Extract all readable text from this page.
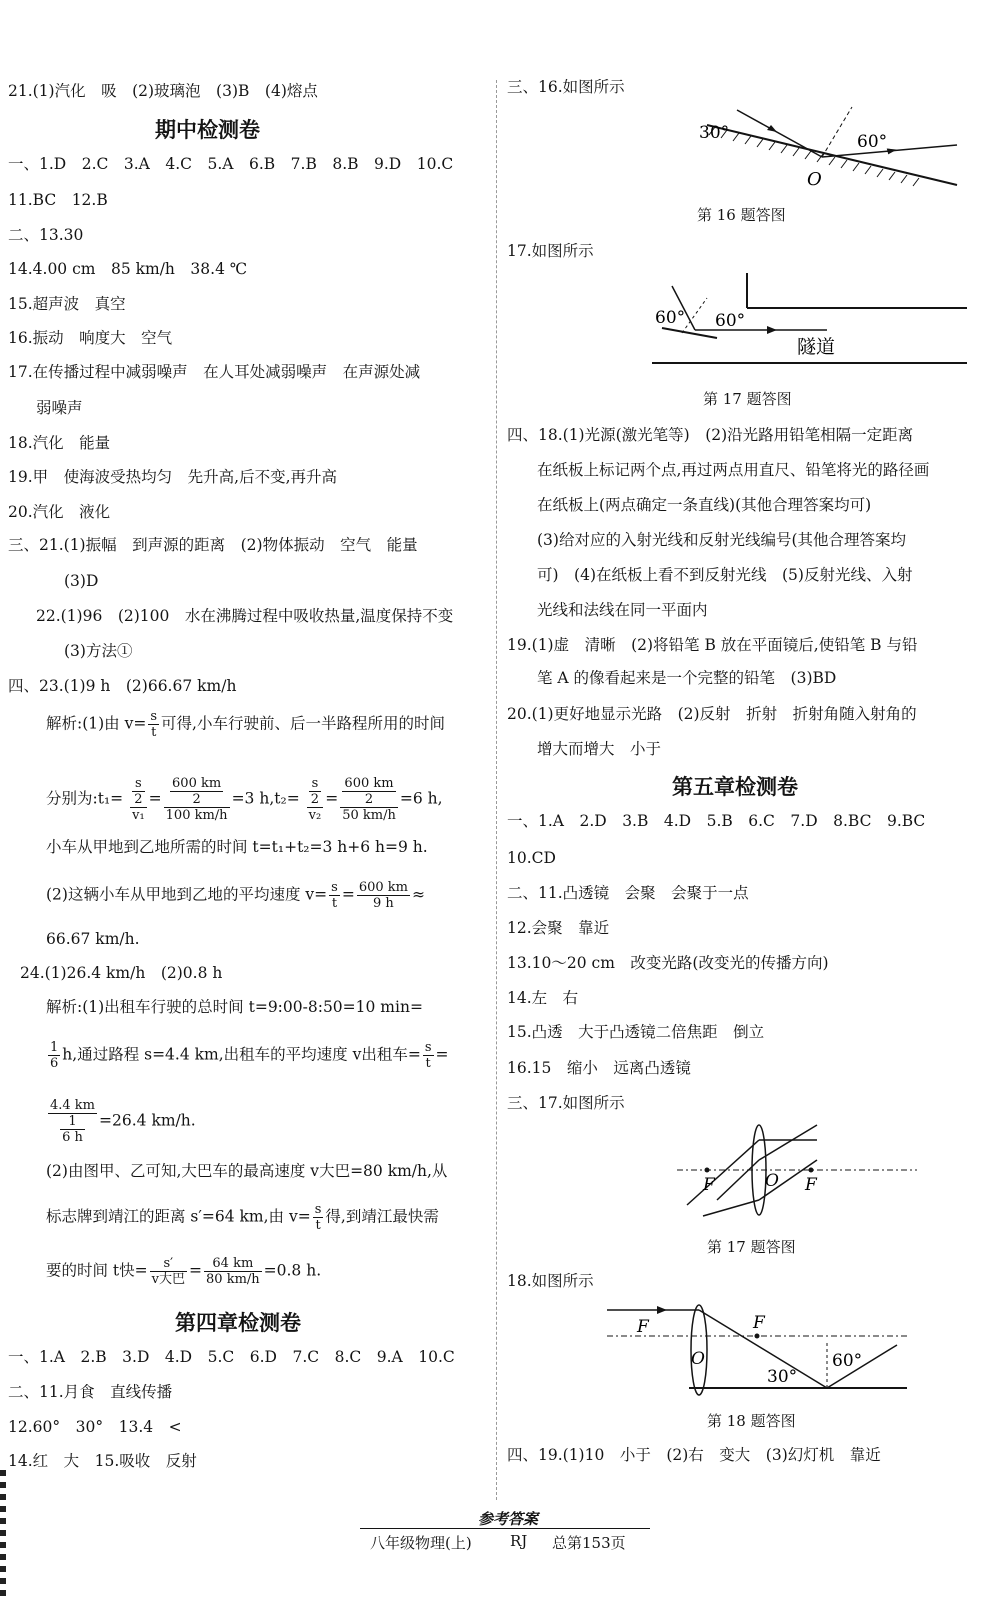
21.(1)汽化　吸　(2)玻璃泡　(3)B　(4)熔点
期中检测卷
一、1.D　2.C　3.A　4.C　5.A　6.B　7.B　8.B　9.D　10.C
11.BC　12.B
二、13.30
14.4.00 cm　85 km/h　38.4 ℃
15.超声波　真空
16.振动　响度大　空气
17.在传播过程中减弱噪声　在人耳处减弱噪声　在声源处减
弱噪声
18.汽化　能量
19.甲　使海波受热均匀　先升高,后不变,再升高
20.汽化　液化
三、21.(1)振幅　到声源的距离　(2)物体振动　空气　能量
(3)D
22.(1)96　(2)100　水在沸腾过程中吸收热量,温度保持不变
(3)方法①
四、23.(1)9 h　(2)66.67 km/h
解析:(1)由 $v= \frac{s}{t}$ 可得,小车行驶前、后一半路程所用的时间
分别为:t₁= $\frac{\frac{s}{2}}{\text{v₁}} = \frac{\frac{600 km}{2}}{100 km/h} =3$ $h,t_2= \frac{\frac{s}{2}}{\text{v₂}} = \frac{\frac{600 km}{2}}{50 km/h} =6$ h,
小车从甲地到乙地所需的时间 t=t₁+t₂=3 h+6 h=9 h.
(2)这辆小车从甲地到乙地的平均速度 $v= \frac{s}{t} = \frac{600 km}{9 h}$ ≈
66.67 km/h.
24.(1)26.4 km/h　(2)0.8 h
解析:(1)出租车行驶的总时间 t=9:00-8:50=10 min=
$\frac{1}{6} h$,通过路程 s=4.4 km,出租车的平均速度 v出租车= $\frac{s}{t}$ =
$\frac{4.4 km}{\frac{1}{6 h}} =26.4$ km/h.
(2)由图甲、乙可知,大巴车的最高速度 v大巴=80 km/h,从
标志牌到靖江的距离 s′=64 km,由 $v= \frac{s}{t}$ 得,到靖江最快需
要的时间 t快= $\frac{s'}{\text{v大巴}} = \frac{64 km}{80 km/h} =0.8$ h.
第四章检测卷
一、1.A　2.B　3.D　4.D　5.C　6.D　7.C　8.C　9.A　10.C
二、11.月食　直线传播
12.60°　30°　13.4　<
14.红　大　15.吸收　反射
三、16.如图所示
30°	60°
O
第 16 题答图
17.如图所示
60° 60°
隧道
第 17 题答图
四、18.(1)光源(激光笔等)　(2)沿光路用铅笔相隔一定距离
在纸板上标记两个点,再过两点用直尺、铅笔将光的路径画
在纸板上(两点确定一条直线)(其他合理答案均可)
(3)给对应的入射光线和反射光线编号(其他合理答案均
可)　(4)在纸板上看不到反射光线　(5)反射光线、入射
光线和法线在同一平面内
19.(1)虚　清晰　(2)将铅笔 B 放在平面镜后,使铅笔 B 与铅
笔 A 的像看起来是一个完整的铅笔　(3)BD
20.(1)更好地显示光路　(2)反射　折射　折射角随入射角的
增大而增大　小于
第五章检测卷
一、1.A　2.D　3.B　4.D　5.B　6.C　7.D　8.BC　9.BC
10.CD
二、11.凸透镜　会聚　会聚于一点
12.会聚　靠近
13.10～20 cm　改变光路(改变光的传播方向)
14.左　右
15.凸透　大于凸透镜二倍焦距　倒立
16.15　缩小　远离凸透镜
三、17.如图所示
F	O F
第 17 题答图
18.如图所示
F	F
O
30°
60°
第 18 题答图
四、19.(1)10　小于　(2)右　变大　(3)幻灯机　靠近
参考答案
八年级物理(上)	RJ 总第153页
